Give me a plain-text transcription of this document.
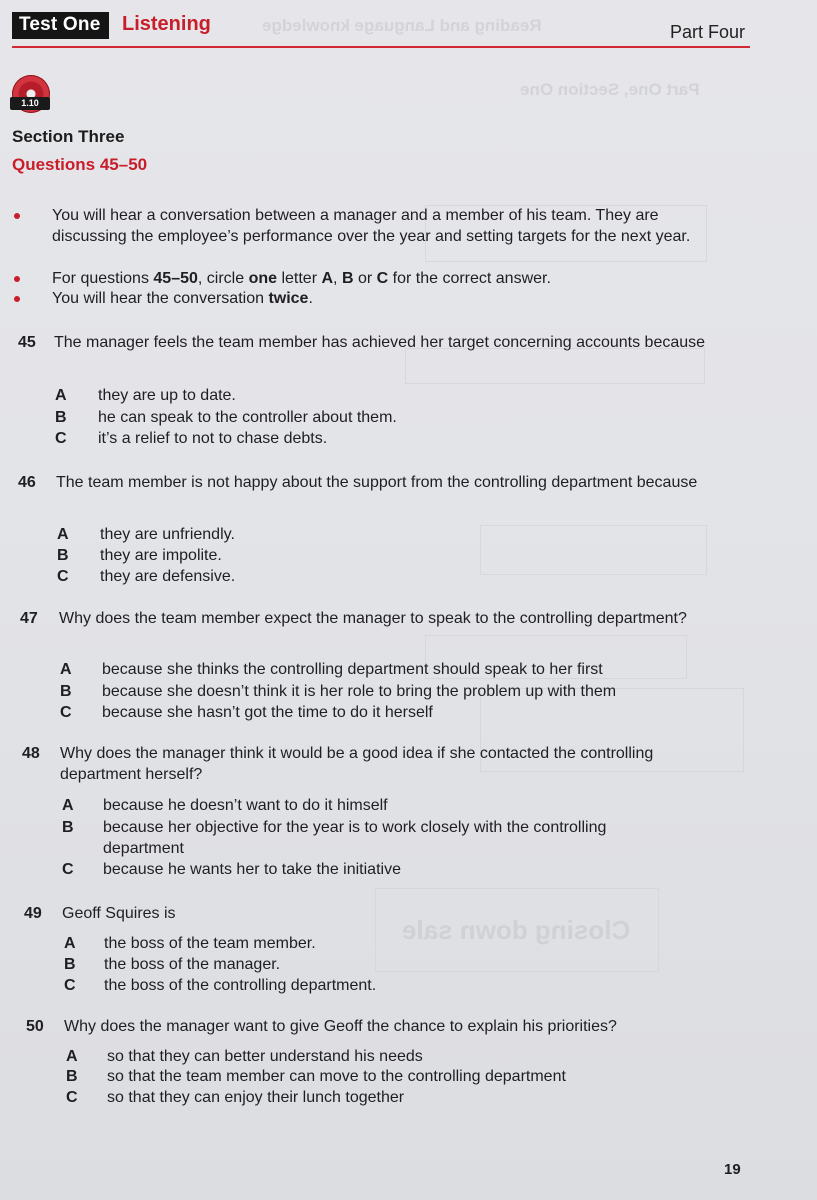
Reading and Language knowledge
Part One, Section One
Closing down sale
Test One	Listening	Part Four
1.10
Section Three
Questions 45–50
You will hear a conversation between a manager and a member of his team. They are discussing the employee’s performance over the year and setting targets for the next year.
For questions 45–50, circle one letter A, B or C for the correct answer.
You will hear the conversation twice.
45 The manager feels the team member has achieved her target concerning accounts because
A they are up to date.
B he can speak to the controller about them.
C it’s a relief to not to chase debts.
46 The team member is not happy about the support from the controlling department because
A they are unfriendly.
B they are impolite.
C they are defensive.
47 Why does the team member expect the manager to speak to the controlling department?
A because she thinks the controlling department should speak to her first
B because she doesn’t think it is her role to bring the problem up with them
C because she hasn’t got the time to do it herself
48 Why does the manager think it would be a good idea if she contacted the controlling department herself?
A because he doesn’t want to do it himself
B because her objective for the year is to work closely with the controlling department
C because he wants her to take the initiative
49 Geoff Squires is
A the boss of the team member.
B the boss of the manager.
C the boss of the controlling department.
50 Why does the manager want to give Geoff the chance to explain his priorities?
A so that they can better understand his needs
B so that the team member can move to the controlling department
C so that they can enjoy their lunch together
19
